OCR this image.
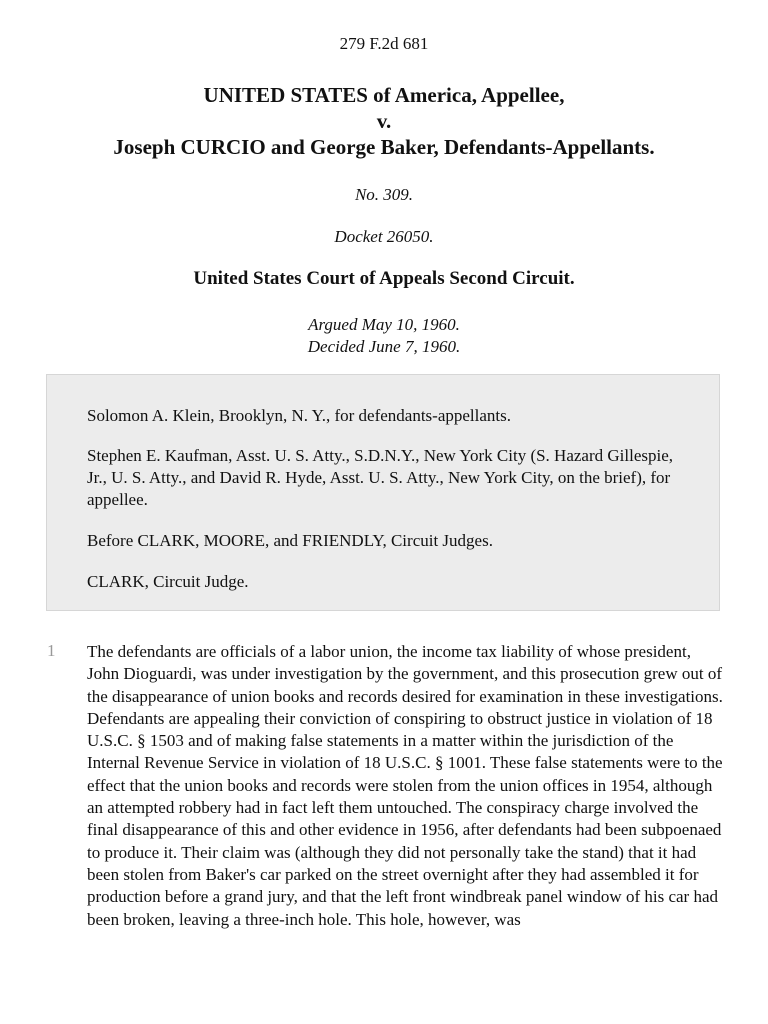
279 F.2d 681
UNITED STATES of America, Appellee,
v.
Joseph CURCIO and George Baker, Defendants-Appellants.
No. 309.
Docket 26050.
United States Court of Appeals Second Circuit.
Argued May 10, 1960.
Decided June 7, 1960.

Solomon A. Klein, Brooklyn, N. Y., for defendants-appellants.

Stephen E. Kaufman, Asst. U. S. Atty., S.D.N.Y., New York City (S. Hazard Gillespie, Jr., U. S. Atty., and David R. Hyde, Asst. U. S. Atty., New York City, on the brief), for appellee.

Before CLARK, MOORE, and FRIENDLY, Circuit Judges.

CLARK, Circuit Judge.

1 The defendants are officials of a labor union, the income tax liability of whose president, John Dioguardi, was under investigation by the government, and this prosecution grew out of the disappearance of union books and records desired for examination in these investigations. Defendants are appealing their conviction of conspiring to obstruct justice in violation of 18 U.S.C. § 1503 and of making false statements in a matter within the jurisdiction of the Internal Revenue Service in violation of 18 U.S.C. § 1001. These false statements were to the effect that the union books and records were stolen from the union offices in 1954, although an attempted robbery had in fact left them untouched. The conspiracy charge involved the final disappearance of this and other evidence in 1956, after defendants had been subpoenaed to produce it. Their claim was (although they did not personally take the stand) that it had been stolen from Baker's car parked on the street overnight after they had assembled it for production before a grand jury, and that the left front windbreak panel window of his car had been broken, leaving a three-inch hole. This hole, however, was
